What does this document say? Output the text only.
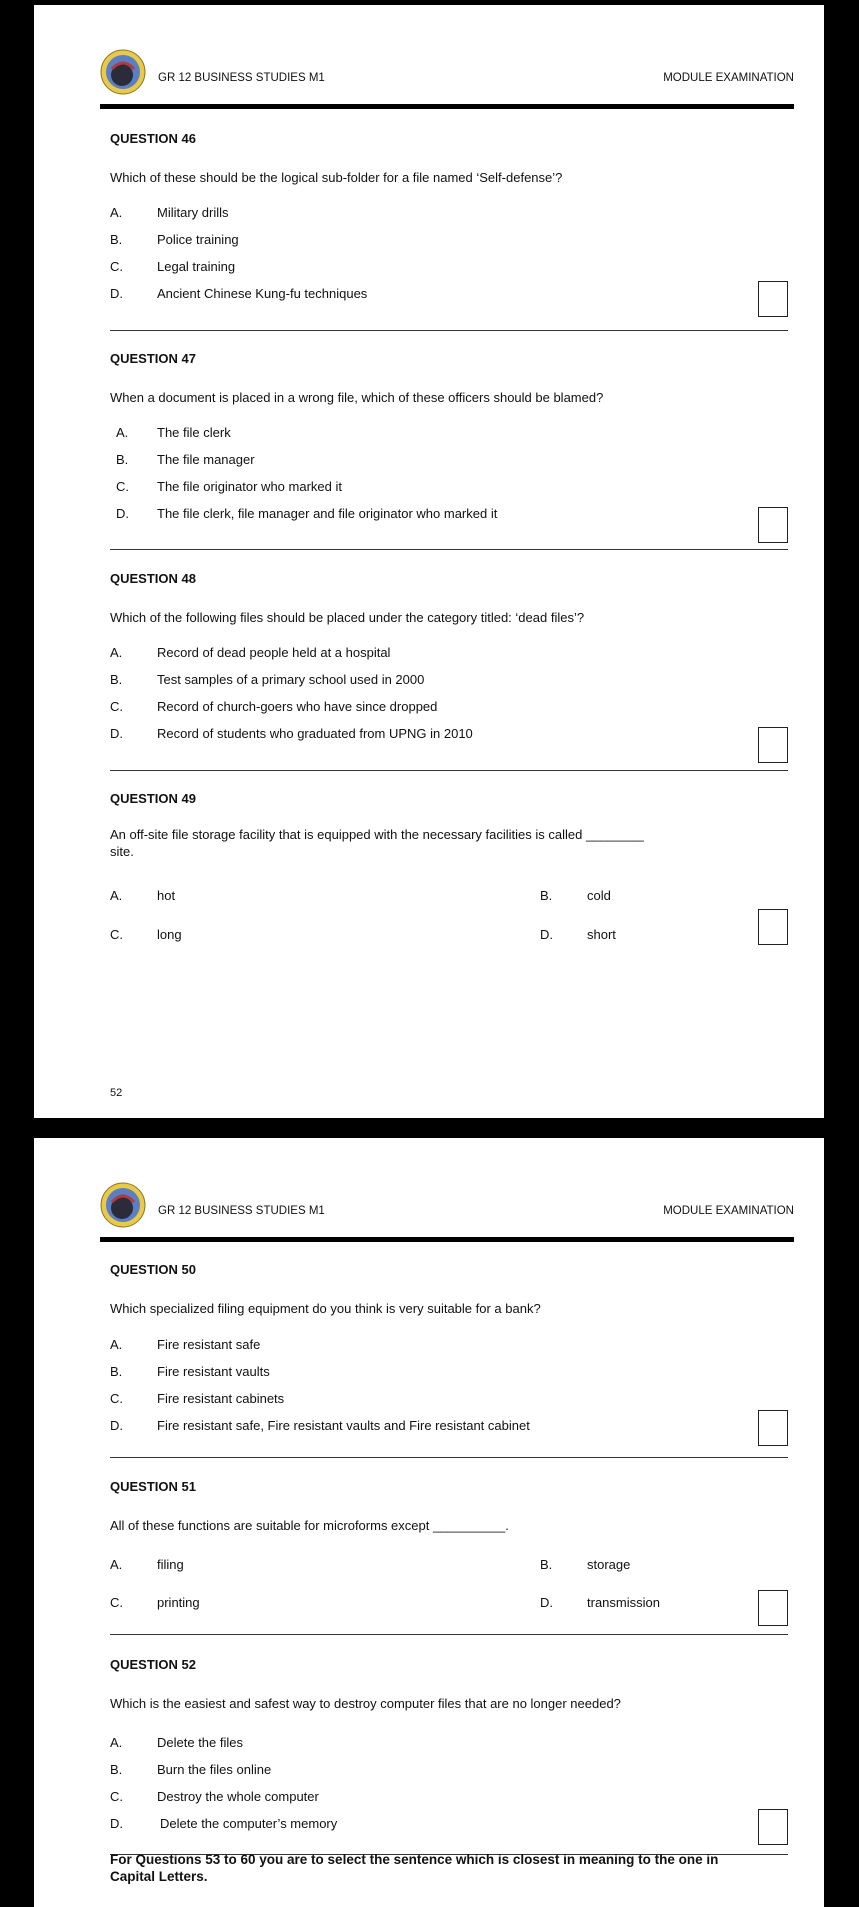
GR 12 BUSINESS STUDIES M1	MODULE EXAMINATION
QUESTION 46
Which of these should be the logical sub-folder for a file named ‘Self-defense’?
A.	Military drills
B.	Police training
C.	Legal training
D.	Ancient Chinese Kung-fu techniques
QUESTION 47
When a document is placed in a wrong file, which of these officers should be blamed?
A. The file clerk
B. The file manager
C. The file originator who marked it
D. The file clerk, file manager and file originator who marked it
QUESTION 48
Which of the following files should be placed under the category titled: ‘dead files’?
A.	Record of dead people held at a hospital
B.	Test samples of a primary school used in 2000
C.	Record of church-goers who have since dropped
D.	Record of students who graduated from UPNG in 2010
QUESTION 49
An off-site file storage facility that is equipped with the necessary facilities is called ________
site.
A.	hot	B.	cold
C.	long	D.	short
52
GR 12 BUSINESS STUDIES M1	MODULE EXAMINATION
QUESTION 50
Which specialized filing equipment do you think is very suitable for a bank?
A.	Fire resistant safe
B.	Fire resistant vaults
C.	Fire resistant cabinets
D.	Fire resistant safe, Fire resistant vaults and Fire resistant cabinet
QUESTION 51
All of these functions are suitable for microforms except __________.
A.	filing	B.	storage
C.	printing	D.	transmission
QUESTION 52
Which is the easiest and safest way to destroy computer files that are no longer needed?
A.	Delete the files
B.	Burn the files online
C.	Destroy the whole computer
D.	Delete the computer’s memory
For Questions 53 to 60 you are to select the sentence which is closest in meaning to the one in Capital Letters.
